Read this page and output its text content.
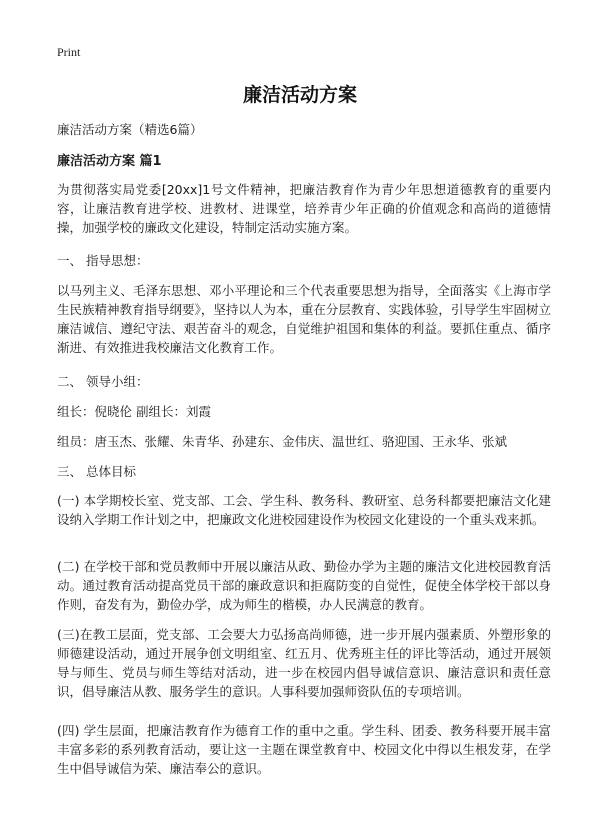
Print
廉洁活动方案
廉洁活动方案（精选6篇）
廉洁活动方案 篇1

为贯彻落实局党委[20xx]1号文件精神，把廉洁教育作为青少年思想道德教育的重要内容，让廉洁教育进学校、进教材、进课堂，培养青少年正确的价值观念和高尚的道德情操，加强学校的廉政文化建设，特制定活动实施方案。

一、 指导思想：

以马列主义、毛泽东思想、邓小平理论和三个代表重要思想为指导，全面落实《上海市学生民族精神教育指导纲要》，坚持以人为本，重在分层教育、实践体验，引导学生牢固树立廉洁诚信、遵纪守法、艰苦奋斗的观念，自觉维护祖国和集体的利益。要抓住重点、循序渐进、有效推进我校廉洁文化教育工作。

二、 领导小组：
组长：倪晓伦 副组长：刘霞
组员：唐玉杰、张耀、朱青华、孙建东、金伟庆、温世红、骆迎国、王永华、张斌
三、 总体目标

(一) 本学期校长室、党支部、工会、学生科、教务科、教研室、总务科都要把廉洁文化建设纳入学期工作计划之中，把廉政文化进校园建设作为校园文化建设的一个重头戏来抓。

(二) 在学校干部和党员教师中开展以廉洁从政、勤俭办学为主题的廉洁文化进校园教育活动。通过教育活动提高党员干部的廉政意识和拒腐防变的自觉性，促使全体学校干部以身作则，奋发有为，勤俭办学，成为师生的楷模，办人民满意的教育。

(三)在教工层面，党支部、工会要大力弘扬高尚师德，进一步开展内强素质、外塑形象的师德建设活动，通过开展争创文明组室、红五月、优秀班主任的评比等活动，通过开展领导与师生、党员与师生等结对活动，进一步在校园内倡导诚信意识、廉洁意识和责任意识，倡导廉洁从教、服务学生的意识。人事科要加强师资队伍的专项培训。

(四) 学生层面，把廉洁教育作为德育工作的重中之重。学生科、团委、教务科要开展丰富丰富多彩的系列教育活动，要让这一主题在课堂教育中、校园文化中得以生根发芽，在学生中倡导诚信为荣、廉洁奉公的意识。
